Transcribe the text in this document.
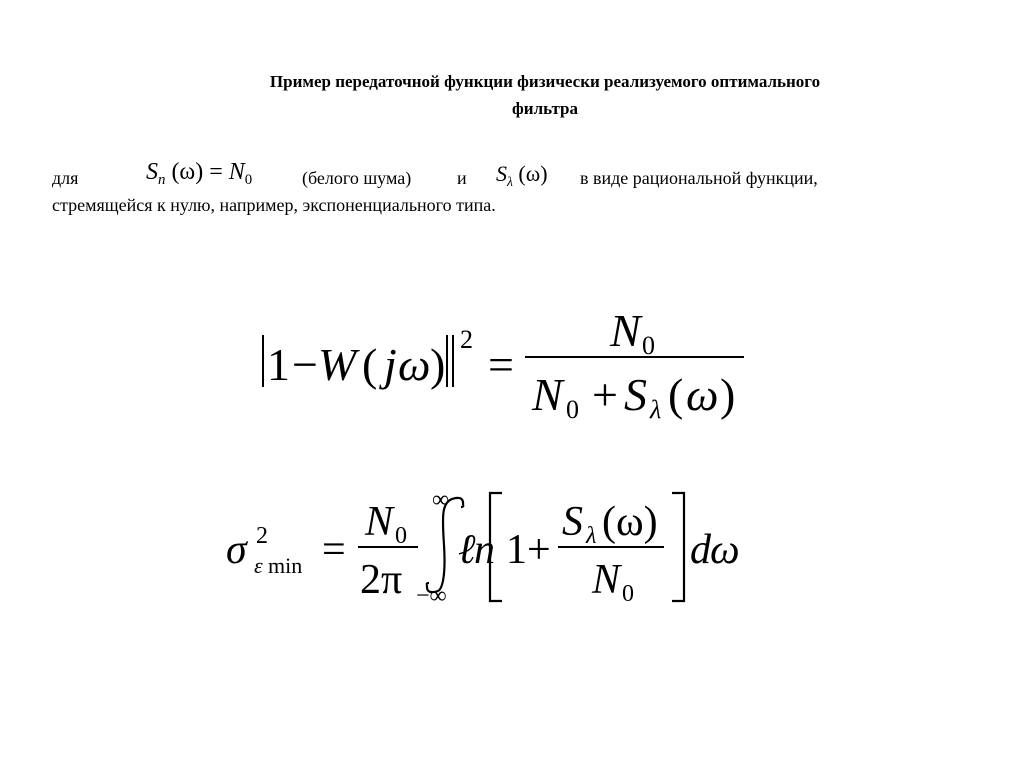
Пример передаточной функции физически реализуемого оптимального
фильтра
для	$S_n$ $(\omega) = N_0$	(белого шума)	и $S_\lambda$ (ω) в виде рациональной функции,
стремящейся к нулю, например, экспоненциального типа.
1 − W ( j ω ) 2 =
N 0
N 0 + S λ ( ω )
σ 2
ε min =
N 0
2π
∞
−∞
ℓ
n 1+
S λ (ω)
N 0
d ω
